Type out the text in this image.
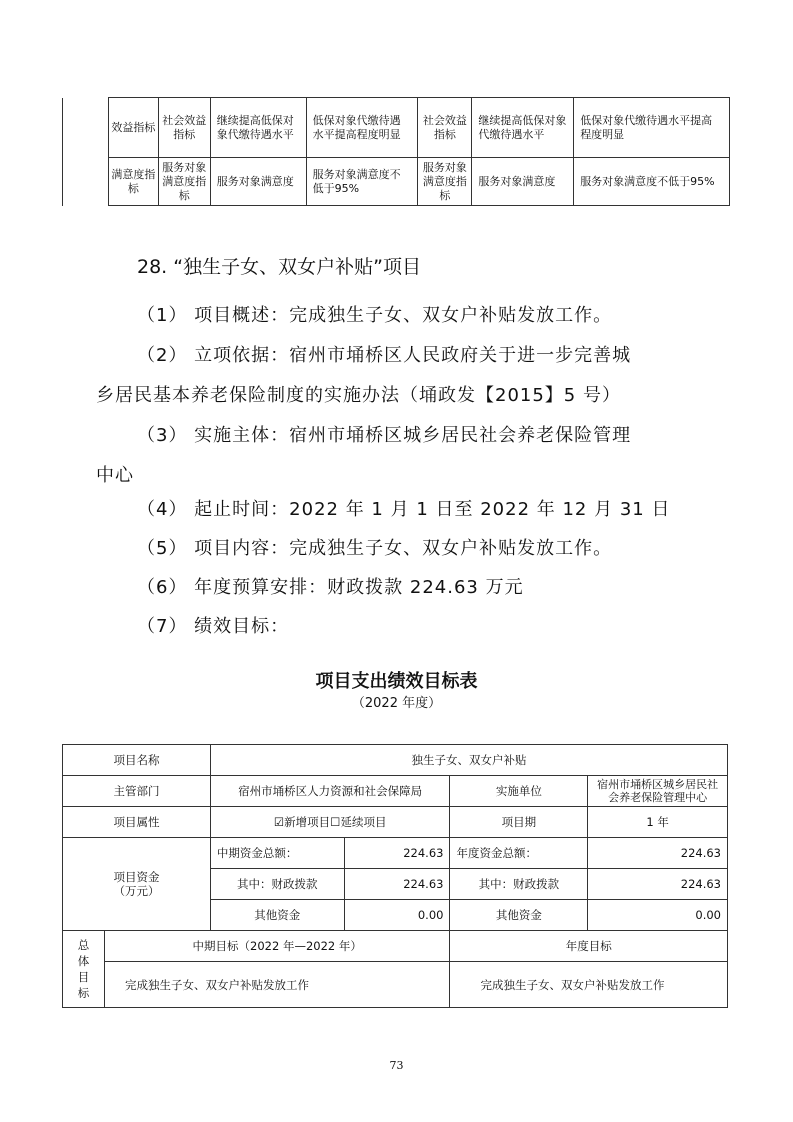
	效益指标	社会效益指标	继续提高低保对象代缴待遇水平	低保对象代缴待遇水平提高程度明显	社会效益指标	继续提高低保对象代缴待遇水平	低保对象代缴待遇水平提高程度明显
	满意度指标	服务对象满意度指标	服务对象满意度	服务对象满意度不低于95%	服务对象满意度指标	服务对象满意度	服务对象满意度不低于95%
28. “独生子女、双女户补贴”项目
（1） 项目概述：完成独生子女、双女户补贴发放工作。
（2） 立项依据：宿州市埇桥区人民政府关于进一步完善城
乡居民基本养老保险制度的实施办法（埇政发【2015】5 号）
（3） 实施主体：宿州市埇桥区城乡居民社会养老保险管理
中心
（4） 起止时间：2022 年 1 月 1 日至 2022 年 12 月 31 日
（5） 项目内容：完成独生子女、双女户补贴发放工作。
（6） 年度预算安排：财政拨款 224.63 万元
（7） 绩效目标：
项目支出绩效目标表
（2022 年度）
项目名称		独生子女、双女户补贴			
主管部门		宿州市埇桥区人力资源和社会保障局		实施单位	宿州市埇桥区城乡居民社会养老保险管理中心
项目属性		☑新增项目☐延续项目		项目期	1 年
项目资金（万元）		中期资金总额：	224.63	年度资金总额：	224.63
		其中：财政拨款	224.63	其中：财政拨款	224.63
		其他资金	0.00	其他资金	0.00
总体目标	中期目标（2022 年—2022 年）			年度目标	
	完成独生子女、双女户补贴发放工作			完成独生子女、双女户补贴发放工作	
73
